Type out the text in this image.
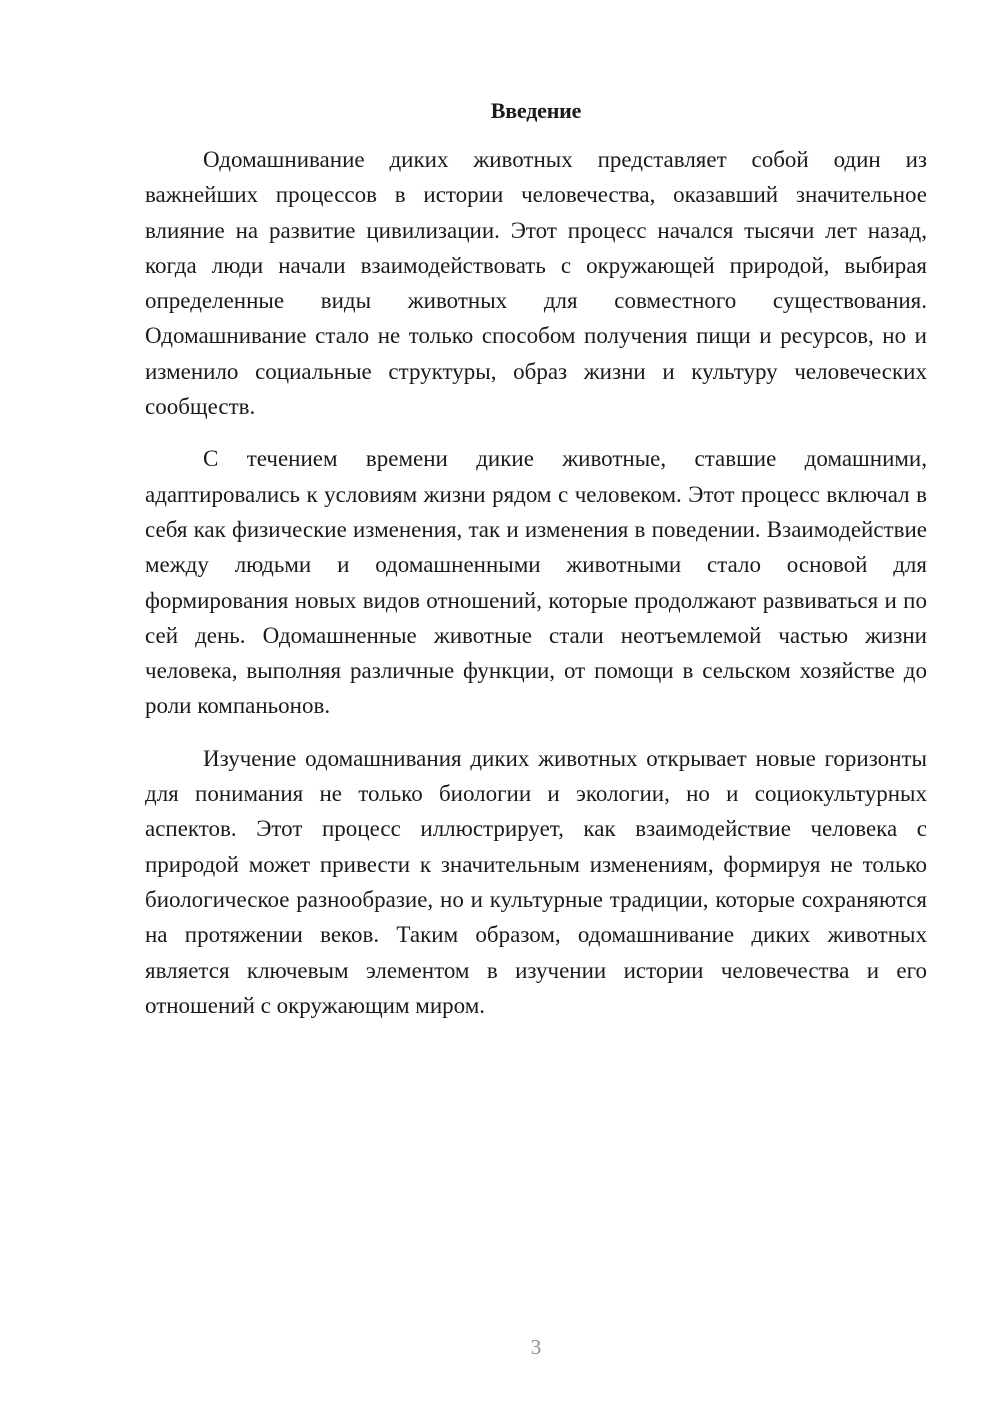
Введение

Одомашнивание диких животных представляет собой один из важнейших процессов в истории человечества, оказавший значительное влияние на развитие цивилизации. Этот процесс начался тысячи лет назад, когда люди начали взаимодействовать с окружающей природой, выбирая определенные виды животных для совместного существования. Одомашнивание стало не только способом получения пищи и ресурсов, но и изменило социальные структуры, образ жизни и культуру человеческих сообществ.

С течением времени дикие животные, ставшие домашними, адаптировались к условиям жизни рядом с человеком. Этот процесс включал в себя как физические изменения, так и изменения в поведении. Взаимодействие между людьми и одомашненными животными стало основой для формирования новых видов отношений, которые продолжают развиваться и по сей день. Одомашненные животные стали неотъемлемой частью жизни человека, выполняя различные функции, от помощи в сельском хозяйстве до роли компаньонов.

Изучение одомашнивания диких животных открывает новые горизонты для понимания не только биологии и экологии, но и социокультурных аспектов. Этот процесс иллюстрирует, как взаимодействие человека с природой может привести к значительным изменениям, формируя не только биологическое разнообразие, но и культурные традиции, которые сохраняются на протяжении веков. Таким образом, одомашнивание диких животных является ключевым элементом в изучении истории человечества и его отношений с окружающим миром.

3
